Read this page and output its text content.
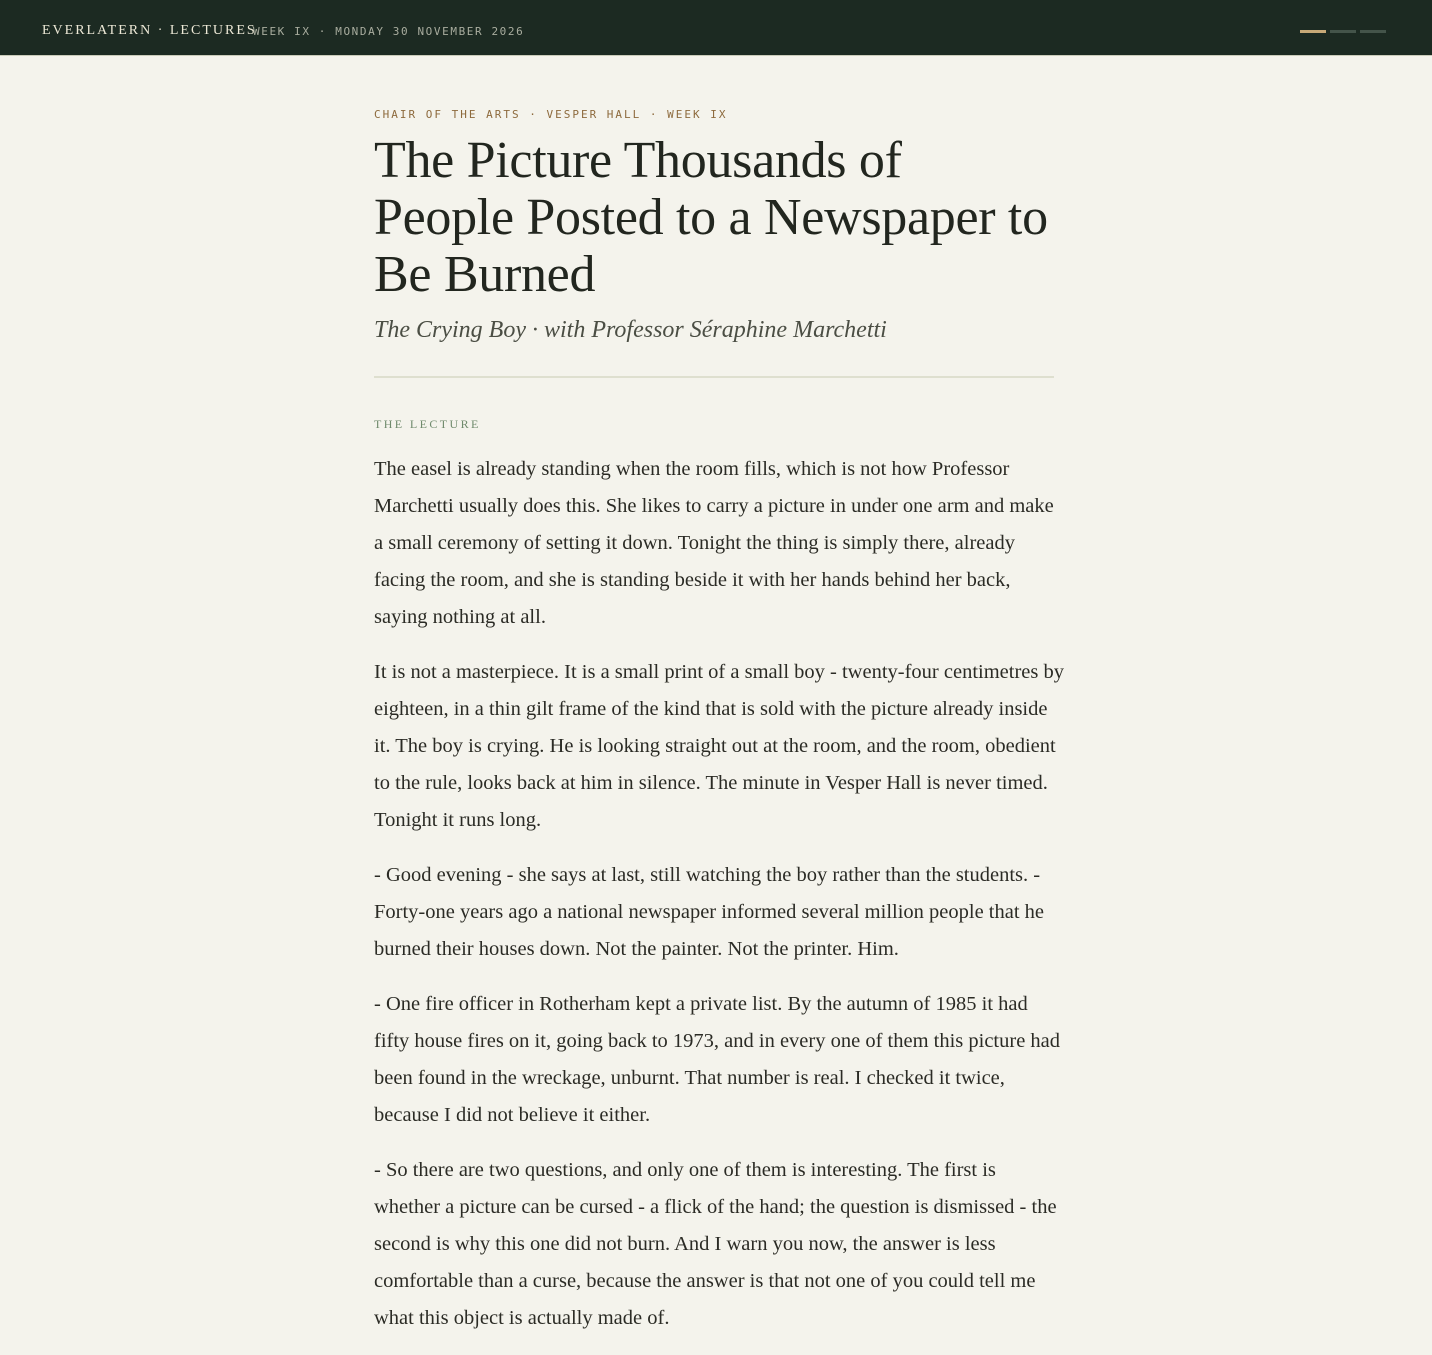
EVERLATERN · LECTURES
WEEK IX · MONDAY 30 NOVEMBER 2026
CHAIR OF THE ARTS · VESPER HALL · WEEK IX
The Picture Thousands of People Posted to a Newspaper to Be Burned
The Crying Boy · with Professor Séraphine Marchetti
THE LECTURE

The easel is already standing when the room fills, which is not how Professor Marchetti usually does this. She likes to carry a picture in under one arm and make a small ceremony of setting it down. Tonight the thing is simply there, already facing the room, and she is standing beside it with her hands behind her back, saying nothing at all.

It is not a masterpiece. It is a small print of a small boy - twenty-four centimetres by eighteen, in a thin gilt frame of the kind that is sold with the picture already inside it. The boy is crying. He is looking straight out at the room, and the room, obedient to the rule, looks back at him in silence. The minute in Vesper Hall is never timed. Tonight it runs long.

- Good evening - she says at last, still watching the boy rather than the students. - Forty-one years ago a national newspaper informed several million people that he burned their houses down. Not the painter. Not the printer. Him.

- One fire officer in Rotherham kept a private list. By the autumn of 1985 it had fifty house fires on it, going back to 1973, and in every one of them this picture had been found in the wreckage, unburnt. That number is real. I checked it twice, because I did not believe it either.

- So there are two questions, and only one of them is interesting. The first is whether a picture can be cursed - a flick of the hand; the question is dismissed - the second is why this one did not burn. And I warn you now, the answer is less comfortable than a curse, because the answer is that not one of you could tell me what this object is actually made of.
